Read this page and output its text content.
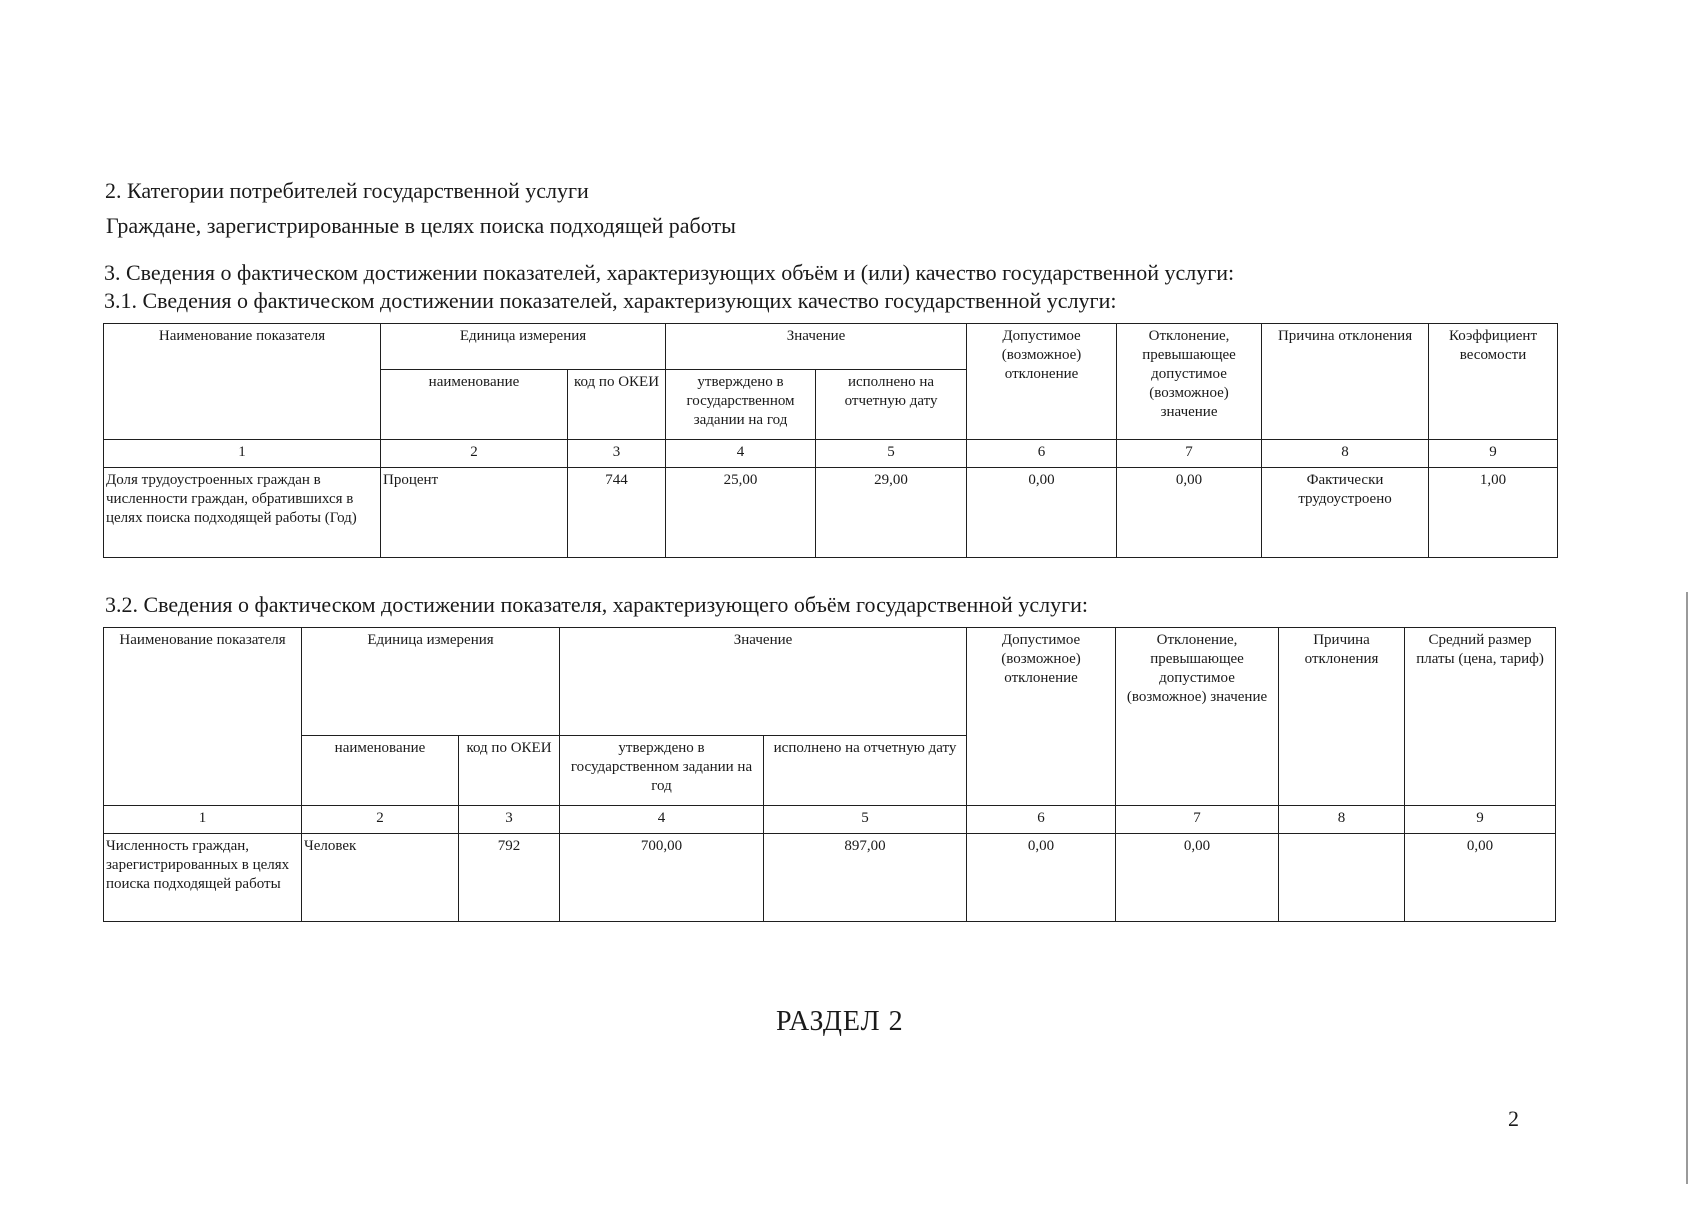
2. Категории потребителей государственной услуги
Граждане, зарегистрированные в целях поиска подходящей работы
3. Сведения о фактическом достижении показателей, характеризующих объём и (или) качество государственной услуги:
3.1. Сведения о фактическом достижении показателей, характеризующих качество государственной услуги:
Наименование показателя	Единица измерения		Значение		Допустимое (возможное) отклонение	Отклонение, превышающее допустимое (возможное) значение	Причина отклонения	Коэффициент весомости
	наименование	код по ОКЕИ	утверждено в государственном задании на год	исполнено на отчетную дату				
1	2	3	4	5	6	7	8	9
Доля трудоустроенных граждан в численности граждан, обратившихся в целях поиска подходящей работы (Год)	Процент	744	25,00	29,00	0,00	0,00	Фактически трудоустроено	1,00
3.2. Сведения о фактическом достижении показателя, характеризующего объём государственной услуги:
Наименование показателя	Единица измерения		Значение		Допустимое (возможное) отклонение	Отклонение, превышающее допустимое (возможное) значение	Причина отклонения	Средний размер платы (цена, тариф)
	наименование	код по ОКЕИ	утверждено в государственном задании на год	исполнено на отчетную дату				
1	2	3	4	5	6	7	8	9
Численность граждан, зарегистрированных в целях поиска подходящей работы	Человек	792	700,00	897,00	0,00	0,00		0,00
РАЗДЕЛ 2
2
